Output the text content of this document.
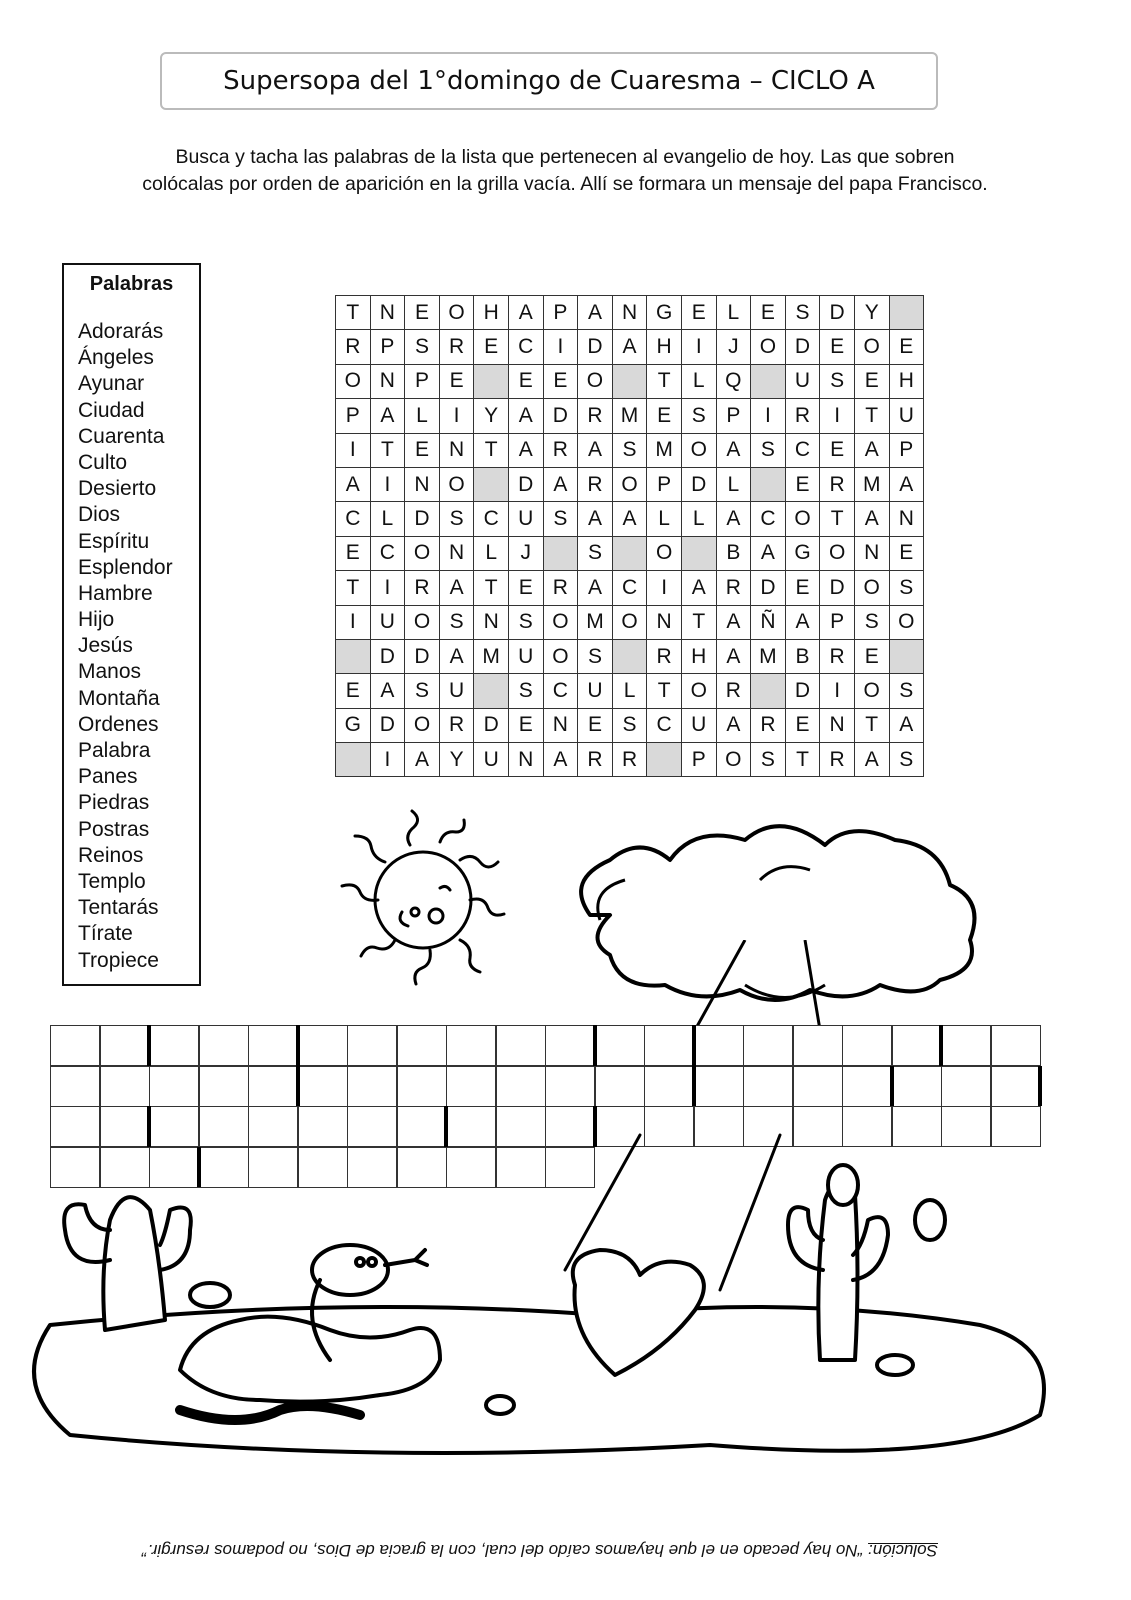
Supersopa del 1°domingo de Cuaresma – CICLO A
Busca y tacha las palabras de la lista que pertenecen al evangelio de hoy. Las que sobren
colócalas por orden de aparición en la grilla vacía. Allí se formara un mensaje del papa Francisco.
Palabras
Adorarás
Ángeles
Ayunar
Ciudad
Cuarenta
Culto
Desierto
Dios
Espíritu
Esplendor
Hambre
Hijo
Jesús
Manos
Montaña
Ordenes
Palabra
Panes
Piedras
Postras
Reinos
Templo
Tentarás
Tírate
Tropiece
T	N	E	O	H	A	P	A	N	G	E	L	E	S	D	Y	
R	P	S	R	E	C	I	D	A	H	I	J	O	D	E	O	E
O	N	P	E		E	E	O		T	L	Q		U	S	E	H
P	A	L	I	Y	A	D	R	M	E	S	P	I	R	I	T	U
I	T	E	N	T	A	R	A	S	M	O	A	S	C	E	A	P
A	I	N	O		D	A	R	O	P	D	L		E	R	M	A
C	L	D	S	C	U	S	A	A	L	L	A	C	O	T	A	N
E	C	O	N	L	J		S		O		B	A	G	O	N	E
T	I	R	A	T	E	R	A	C	I	A	R	D	E	D	O	S
I	U	O	S	N	S	O	M	O	N	T	A	Ñ	A	P	S	O
	D	D	A	M	U	O	S		R	H	A	M	B	R	E	
E	A	S	U		S	C	U	L	T	O	R		D	I	O	S
G	D	O	R	D	E	N	E	S	C	U	A	R	E	N	T	A
	I	A	Y	U	N	A	R	R		P	O	S	T	R	A	S
Solución: “No hay pecado en el que hayamos caído del cual, con la gracia de Dios, no podamos resurgir.”
